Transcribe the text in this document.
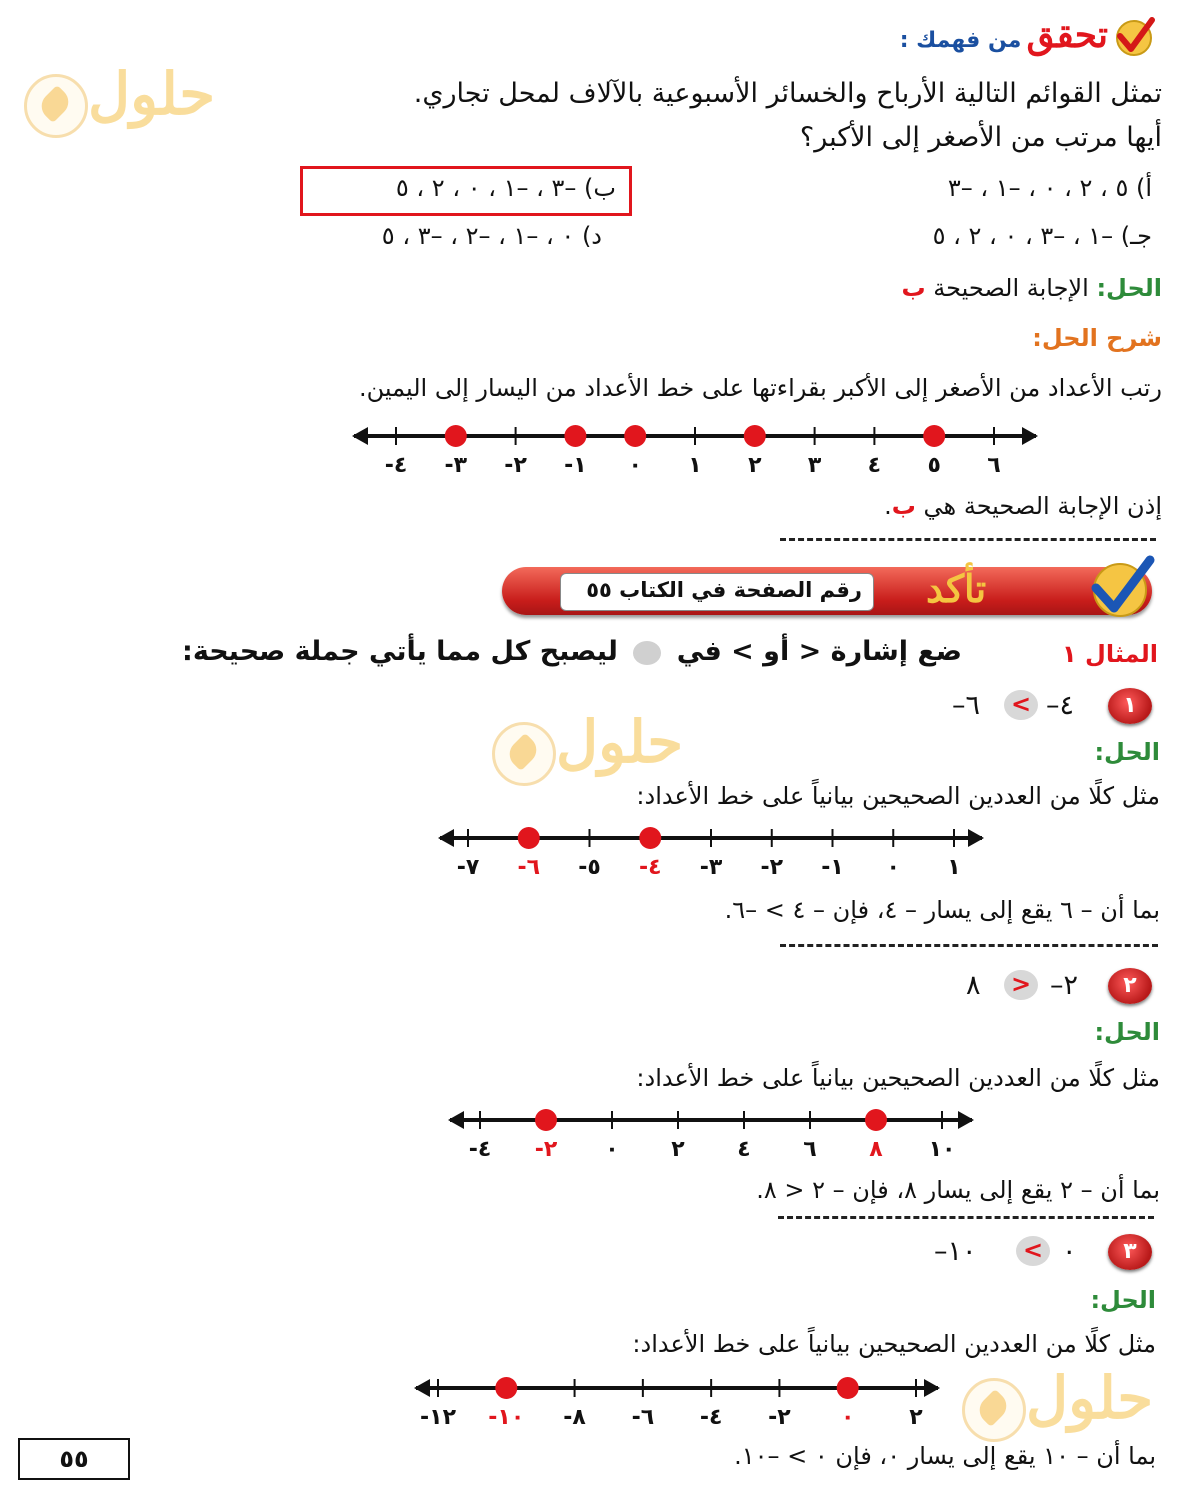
حلول
حلول
حلول
تحقق من فهمك :
تمثل القوائم التالية الأرباح والخسائر الأسبوعية بالآلاف لمحل تجاري.
أيها مرتب من الأصغر إلى الأكبر؟
أ) ٥ ، ٢ ، ٠ ، –١ ، –٣
ب) –٣ ، –١ ، ٠ ، ٢ ، ٥
جـ) –١ ، –٣ ، ٠ ، ٢ ، ٥
د) ٠ ، –١ ، –٢ ، –٣ ، ٥
الحل: الإجابة الصحيحة ب
شرح الحل:
رتب الأعداد من الأصغر إلى الأكبر بقراءتها على خط الأعداد من اليسار إلى اليمين.
-٤ -٣ -٢ -١ ٠ ١ ٢ ٣ ٤ ٥ ٦
إذن الإجابة الصحيحة هي ب.
تأكد
رقم الصفحة في الكتاب ٥٥
المثال ١
ضع إشارة < أو > في  ليصبح كل مما يأتي جملة صحيحة:
١
–٤
<
–٦
الحل:
مثل كلًا من العددين الصحيحين بيانياً على خط الأعداد:
-٧ -٦ -٥ -٤ -٣ -٢ -١ ٠ ١
بما أن – ٦ يقع إلى يسار – ٤، فإن – ٤ > –٦.
٢
–٢
>
٨
الحل:
مثل كلًا من العددين الصحيحين بيانياً على خط الأعداد:
-٤ -٢ ٠ ٢ ٤ ٦ ٨ ١٠
بما أن – ٢ يقع إلى يسار ٨، فإن – ٢ < ٨.
٣
٠
<
–١٠
الحل:
مثل كلًا من العددين الصحيحين بيانياً على خط الأعداد:
-١٢ -١٠ -٨ -٦ -٤ -٢ ٠ ٢
بما أن – ١٠ يقع إلى يسار ٠، فإن ٠ > –١٠.
٥٥
